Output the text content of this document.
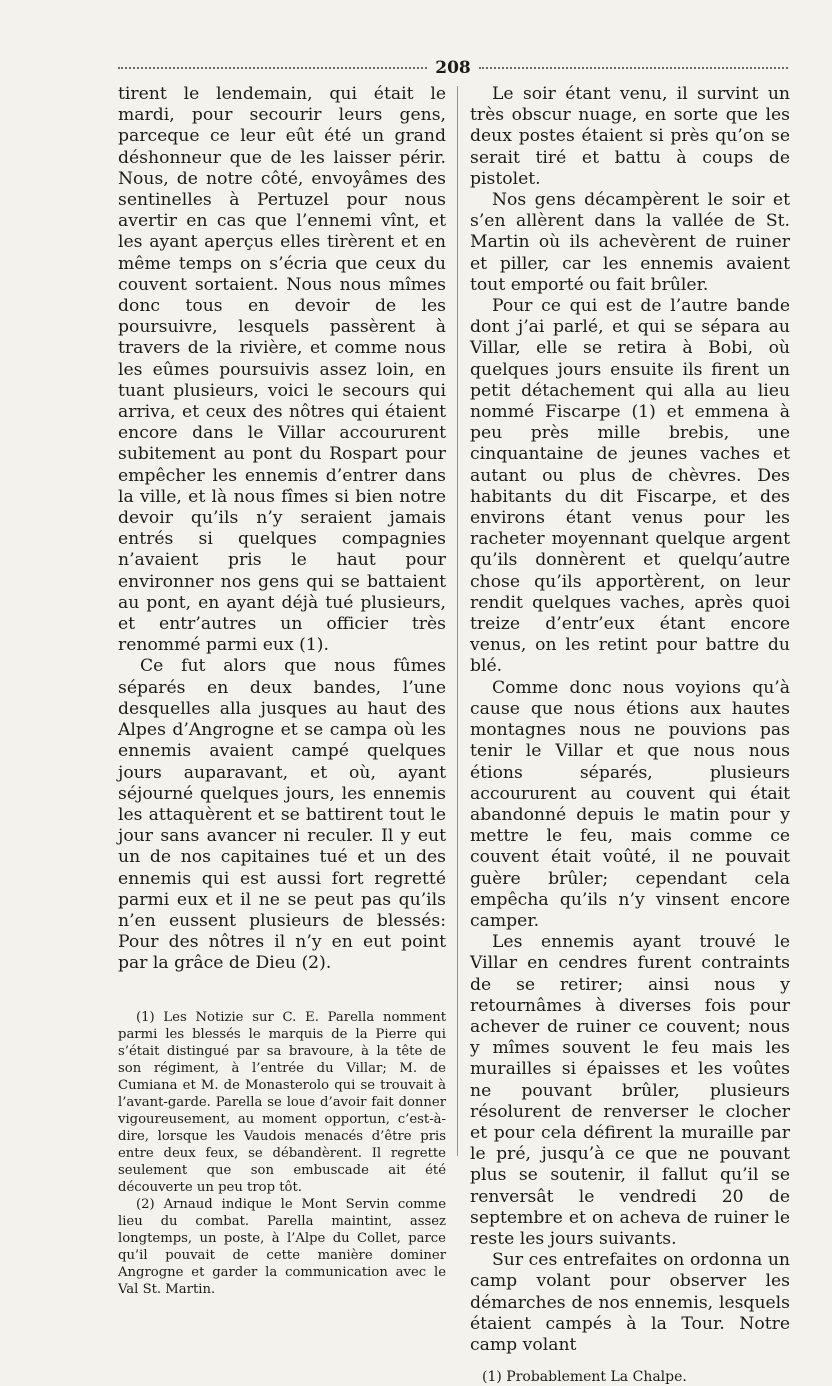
208

tirent le lendemain, qui était le mardi, pour secourir leurs gens, parceque ce leur eût été un grand déshonneur que de les laisser périr. Nous, de notre côté, envoyâmes des sentinelles à Pertuzel pour nous avertir en cas que l’ennemi vînt, et les ayant aperçus elles tirèrent et en même temps on s’écria que ceux du couvent sortaient. Nous nous mîmes donc tous en devoir de les poursuivre, lesquels passèrent à travers de la rivière, et comme nous les eûmes poursuivis assez loin, en tuant plusieurs, voici le secours qui arriva, et ceux des nôtres qui étaient encore dans le Villar accoururent subitement au pont du Rospart pour empêcher les ennemis d’entrer dans la ville, et là nous fîmes si bien notre devoir qu’ils n’y seraient jamais entrés si quelques compagnies n’avaient pris le haut pour environner nos gens qui se battaient au pont, en ayant déjà tué plusieurs, et entr’autres un officier très renommé parmi eux (1).

Ce fut alors que nous fûmes séparés en deux bandes, l’une desquelles alla jusques au haut des Alpes d’Angrogne et se campa où les ennemis avaient campé quelques jours auparavant, et où, ayant séjourné quelques jours, les ennemis les attaquèrent et se battirent tout le jour sans avancer ni reculer. Il y eut un de nos capitaines tué et un des ennemis qui est aussi fort regretté parmi eux et il ne se peut pas qu’ils n’en eussent plusieurs de blessés: Pour des nôtres il n’y en eut point par la grâce de Dieu (2).

(1) Les Notizie sur C. E. Parella nomment parmi les blessés le marquis de la Pierre qui s’était distingué par sa bravoure, à la tête de son régiment, à l’entrée du Villar; M. de Cumiana et M. de Monasterolo qui se trouvait à l’avant-garde. Parella se loue d’avoir fait donner vigoureusement, au moment opportun, c’est-à-dire, lorsque les Vaudois menacés d’être pris entre deux feux, se débandèrent. Il regrette seulement que son embuscade ait été découverte un peu trop tôt.

(2) Arnaud indique le Mont Servin comme lieu du combat. Parella maintint, assez longtemps, un poste, à l’Alpe du Collet, parce qu’il pouvait de cette manière dominer Angrogne et garder la communication avec le Val St. Martin.

Le soir étant venu, il survint un très obscur nuage, en sorte que les deux postes étaient si près qu’on se serait tiré et battu à coups de pistolet.

Nos gens décampèrent le soir et s’en allèrent dans la vallée de St. Martin où ils achevèrent de ruiner et piller, car les ennemis avaient tout emporté ou fait brûler.

Pour ce qui est de l’autre bande dont j’ai parlé, et qui se sépara au Villar, elle se retira à Bobi, où quelques jours ensuite ils firent un petit détachement qui alla au lieu nommé Fiscarpe (1) et emmena à peu près mille brebis, une cinquantaine de jeunes vaches et autant ou plus de chèvres. Des habitants du dit Fiscarpe, et des environs étant venus pour les racheter moyennant quelque argent qu’ils donnèrent et quelqu’autre chose qu’ils apportèrent, on leur rendit quelques vaches, après quoi treize d’entr’eux étant encore venus, on les retint pour battre du blé.

Comme donc nous voyions qu’à cause que nous étions aux hautes montagnes nous ne pouvions pas tenir le Villar et que nous nous étions séparés, plusieurs accoururent au couvent qui était abandonné depuis le matin pour y mettre le feu, mais comme ce couvent était voûté, il ne pouvait guère brûler; cependant cela empêcha qu’ils n’y vinsent encore camper.

Les ennemis ayant trouvé le Villar en cendres furent contraints de se retirer; ainsi nous y retournâmes à diverses fois pour achever de ruiner ce couvent; nous y mîmes souvent le feu mais les murailles si épaisses et les voûtes ne pouvant brûler, plusieurs résolurent de renverser le clocher et pour cela défirent la muraille par le pré, jusqu’à ce que ne pouvant plus se soutenir, il fallut qu’il se renversât le vendredi 20 de septembre et on acheva de ruiner le reste les jours suivants.

Sur ces entrefaites on ordonna un camp volant pour observer les démarches de nos ennemis, lesquels étaient campés à la Tour. Notre camp volant

(1) Probablement La Chalpe.
